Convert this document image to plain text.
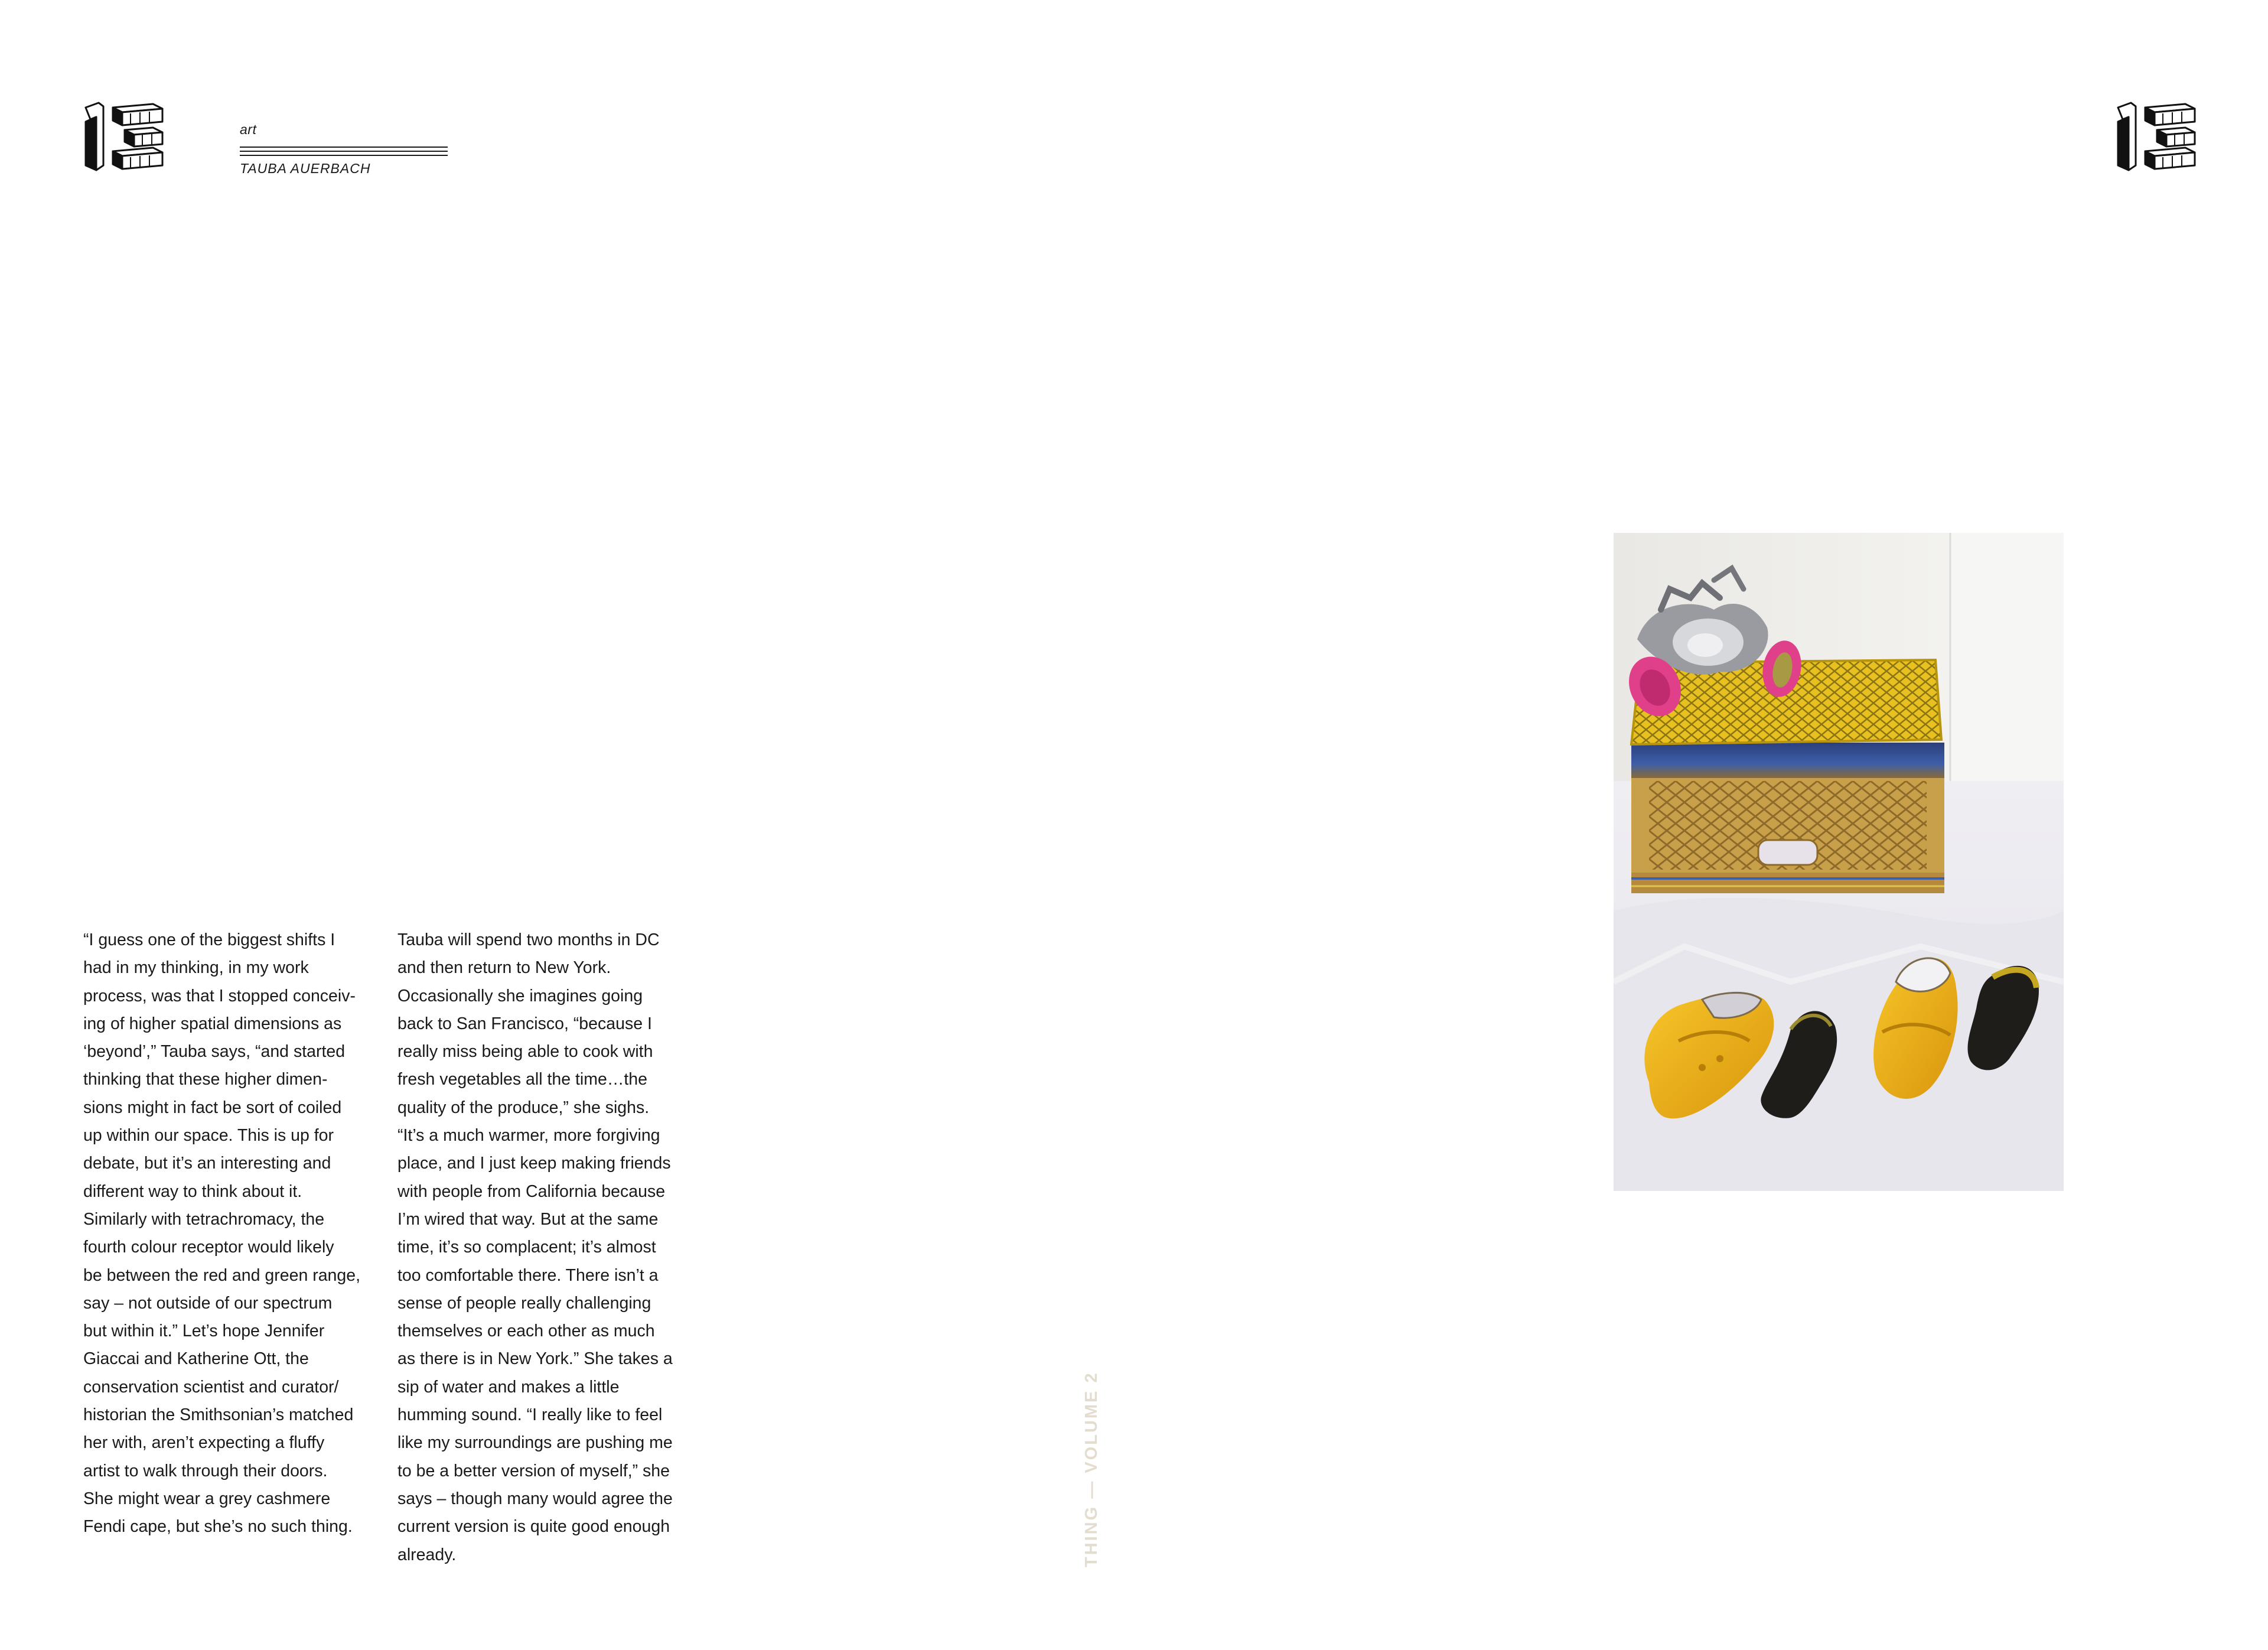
art
TAUBA AUERBACH
“I guess one of the biggest shifts I
had in my thinking, in my work
process, was that I stopped conceiv-
ing of higher spatial dimensions as
‘beyond’,” Tauba says, “and started
thinking that these higher dimen-
sions might in fact be sort of coiled
up within our space. This is up for
debate, but it’s an interesting and
different way to think about it.
Similarly with tetrachromacy, the
fourth colour receptor would likely
be between the red and green range,
say – not outside of our spectrum
but within it.” Let’s hope Jennifer
Giaccai and Katherine Ott, the
conservation scientist and curator/
historian the Smithsonian’s matched
her with, aren’t expecting a fluffy
artist to walk through their doors.
She might wear a grey cashmere
Fendi cape, but she’s no such thing.
Tauba will spend two months in DC
and then return to New York.
Occasionally she imagines going
back to San Francisco, “because I
really miss being able to cook with
fresh vegetables all the time…the
quality of the produce,” she sighs.
“It’s a much warmer, more forgiving
place, and I just keep making friends
with people from California because
I’m wired that way. But at the same
time, it’s so complacent; it’s almost
too comfortable there. There isn’t a
sense of people really challenging
themselves or each other as much
as there is in New York.” She takes a
sip of water and makes a little
humming sound. “I really like to feel
like my surroundings are pushing me
to be a better version of myself,” she
says – though many would agree the
current version is quite good enough
already.	THING — VOLUME 2
